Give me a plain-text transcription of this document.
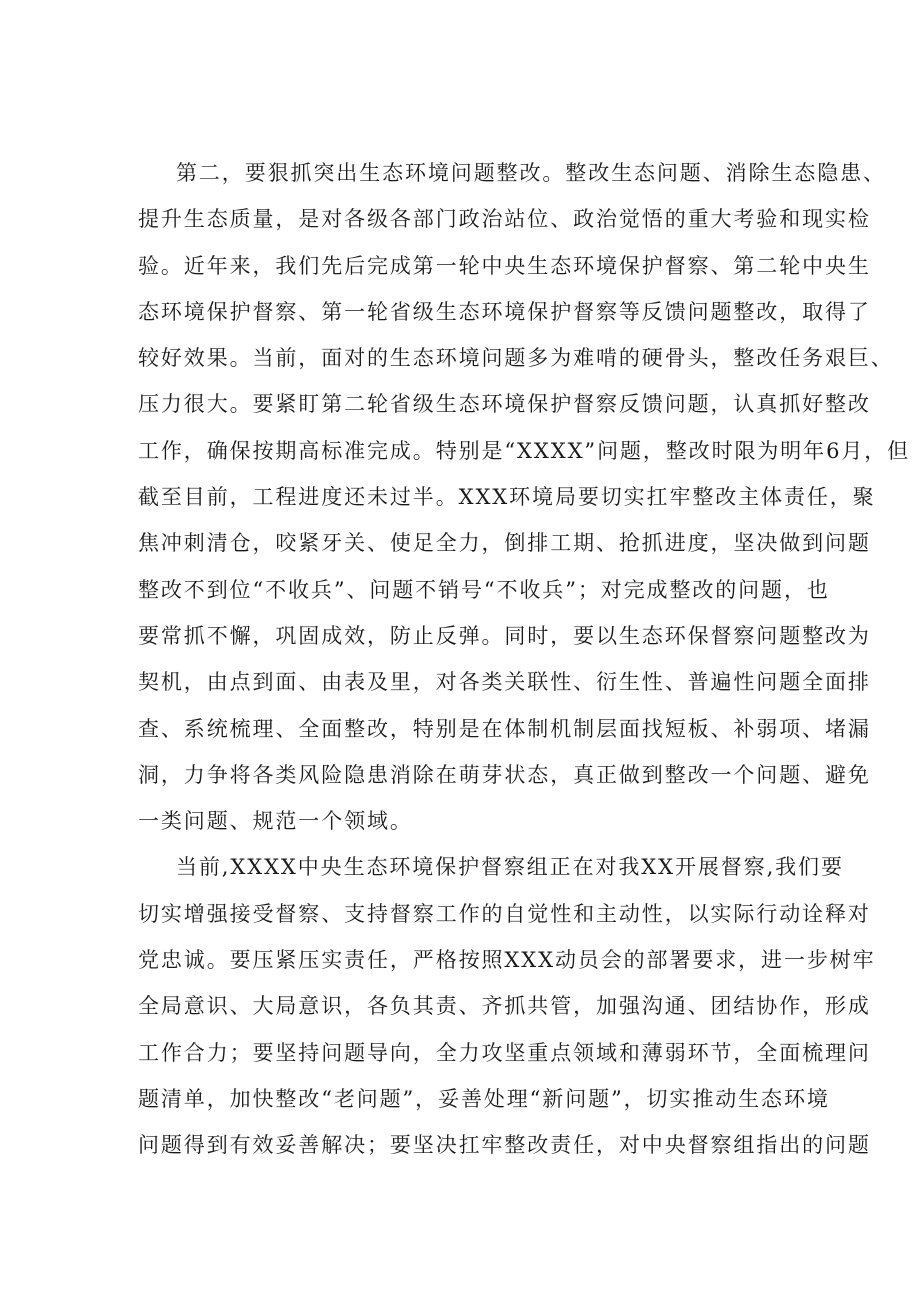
第二，要狠抓突出生态环境问题整改。整改生态问题、消除生态隐患、
提升生态质量，是对各级各部门政治站位、政治觉悟的重大考验和现实检
验。近年来，我们先后完成第一轮中央生态环境保护督察、第二轮中央生
态环境保护督察、第一轮省级生态环境保护督察等反馈问题整改，取得了
较好效果。当前，面对的生态环境问题多为难啃的硬骨头，整改任务艰巨、
压力很大。要紧盯第二轮省级生态环境保护督察反馈问题，认真抓好整改
工作，确保按期高标准完成。特别是“XXXX”问题，整改时限为明年6月，但
截至目前，工程进度还未过半。XXX环境局要切实扛牢整改主体责任，聚
焦冲刺清仓，咬紧牙关、使足全力，倒排工期、抢抓进度，坚决做到问题
整改不到位“不收兵”、问题不销号“不收兵”；对完成整改的问题，也
要常抓不懈，巩固成效，防止反弹。同时，要以生态环保督察问题整改为
契机，由点到面、由表及里，对各类关联性、衍生性、普遍性问题全面排
查、系统梳理、全面整改，特别是在体制机制层面找短板、补弱项、堵漏
洞，力争将各类风险隐患消除在萌芽状态，真正做到整改一个问题、避免
一类问题、规范一个领域。
当前,XXXX中央生态环境保护督察组正在对我XX开展督察,我们要
切实增强接受督察、支持督察工作的自觉性和主动性，以实际行动诠释对
党忠诚。要压紧压实责任，严格按照XXX动员会的部署要求，进一步树牢
全局意识、大局意识，各负其责、齐抓共管，加强沟通、团结协作，形成
工作合力；要坚持问题导向，全力攻坚重点领域和薄弱环节，全面梳理问
题清单，加快整改“老问题”，妥善处理“新问题”，切实推动生态环境
问题得到有效妥善解决；要坚决扛牢整改责任，对中央督察组指出的问题
